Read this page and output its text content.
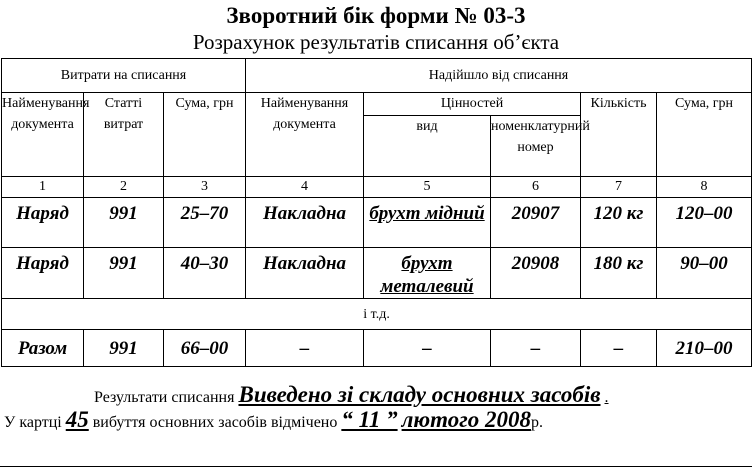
Зворотний бік форми № 03-3
Розрахунок результатів списання об’єкта
Витрати на списання			Надійшло від списання				
Найменування документа	Статті витрат	Сума, грн	Найменування документа	Цінностей		Кількість	Сума, грн
				вид	номенклатурний номер		
1	2	3	4	5	6	7	8
Наряд	991	25–70	Накладна	брухт мідний	20907	120 кг	120–00
Наряд	991	40–30	Накладна	брухт металевий	20908	180 кг	90–00
і т.д.							
Разом	991	66–00	–	–	–	–	210–00
Результати списання Виведено зі складу основних засобів .
У картці 45 вибуття основних засобів відмічено “ 11 ” лютого 2008р.
